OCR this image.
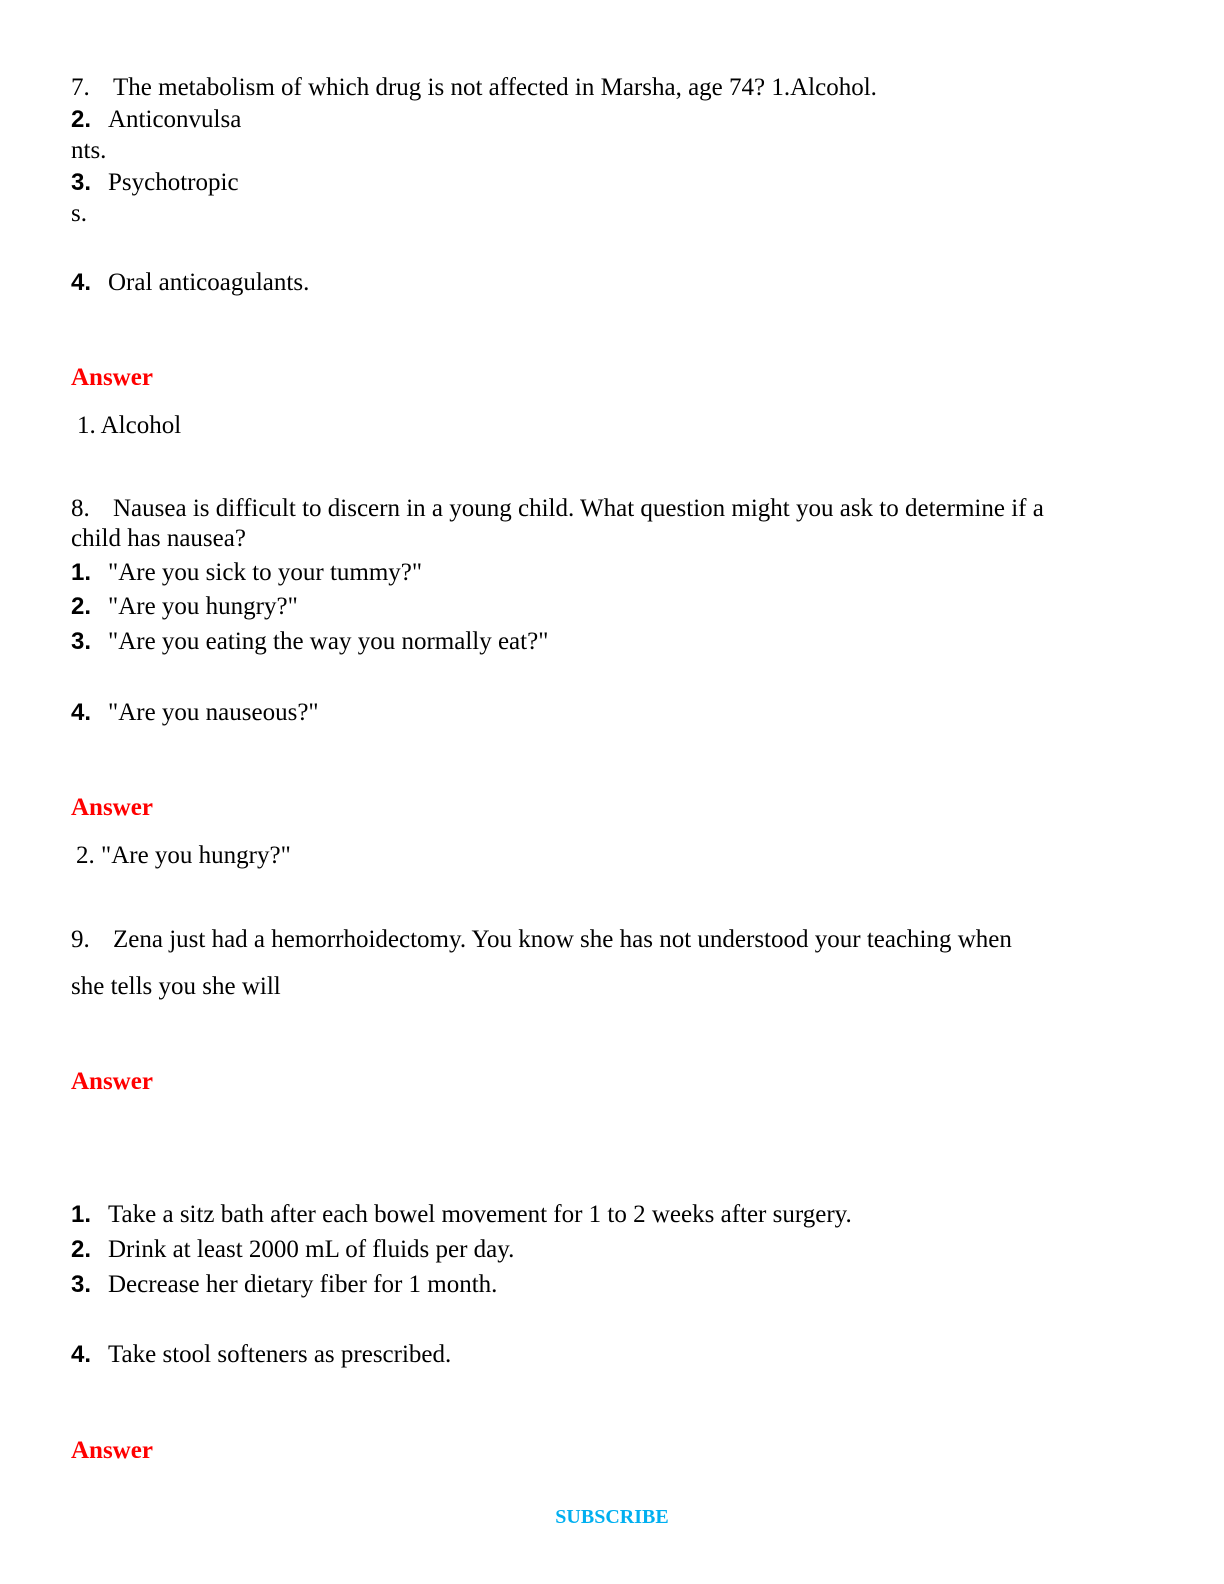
7. The metabolism of which drug is not affected in Marsha, age 74? 1.Alcohol.
2. Anticonvulsa
nts.
3. Psychotropic
s.
4. Oral anticoagulants.
Answer
1. Alcohol
8. Nausea is difficult to discern in a young child. What question might you ask to determine if a
child has nausea?
1. "Are you sick to your tummy?"
2. "Are you hungry?"
3. "Are you eating the way you normally eat?"
4. "Are you nauseous?"
Answer
2. "Are you hungry?"
9. Zena just had a hemorrhoidectomy. You know she has not understood your teaching when
she tells you she will
Answer
1. Take a sitz bath after each bowel movement for 1 to 2 weeks after surgery.
2. Drink at least 2000 mL of fluids per day.
3. Decrease her dietary fiber for 1 month.
4. Take stool softeners as prescribed.
Answer
SUBSCRIBE
